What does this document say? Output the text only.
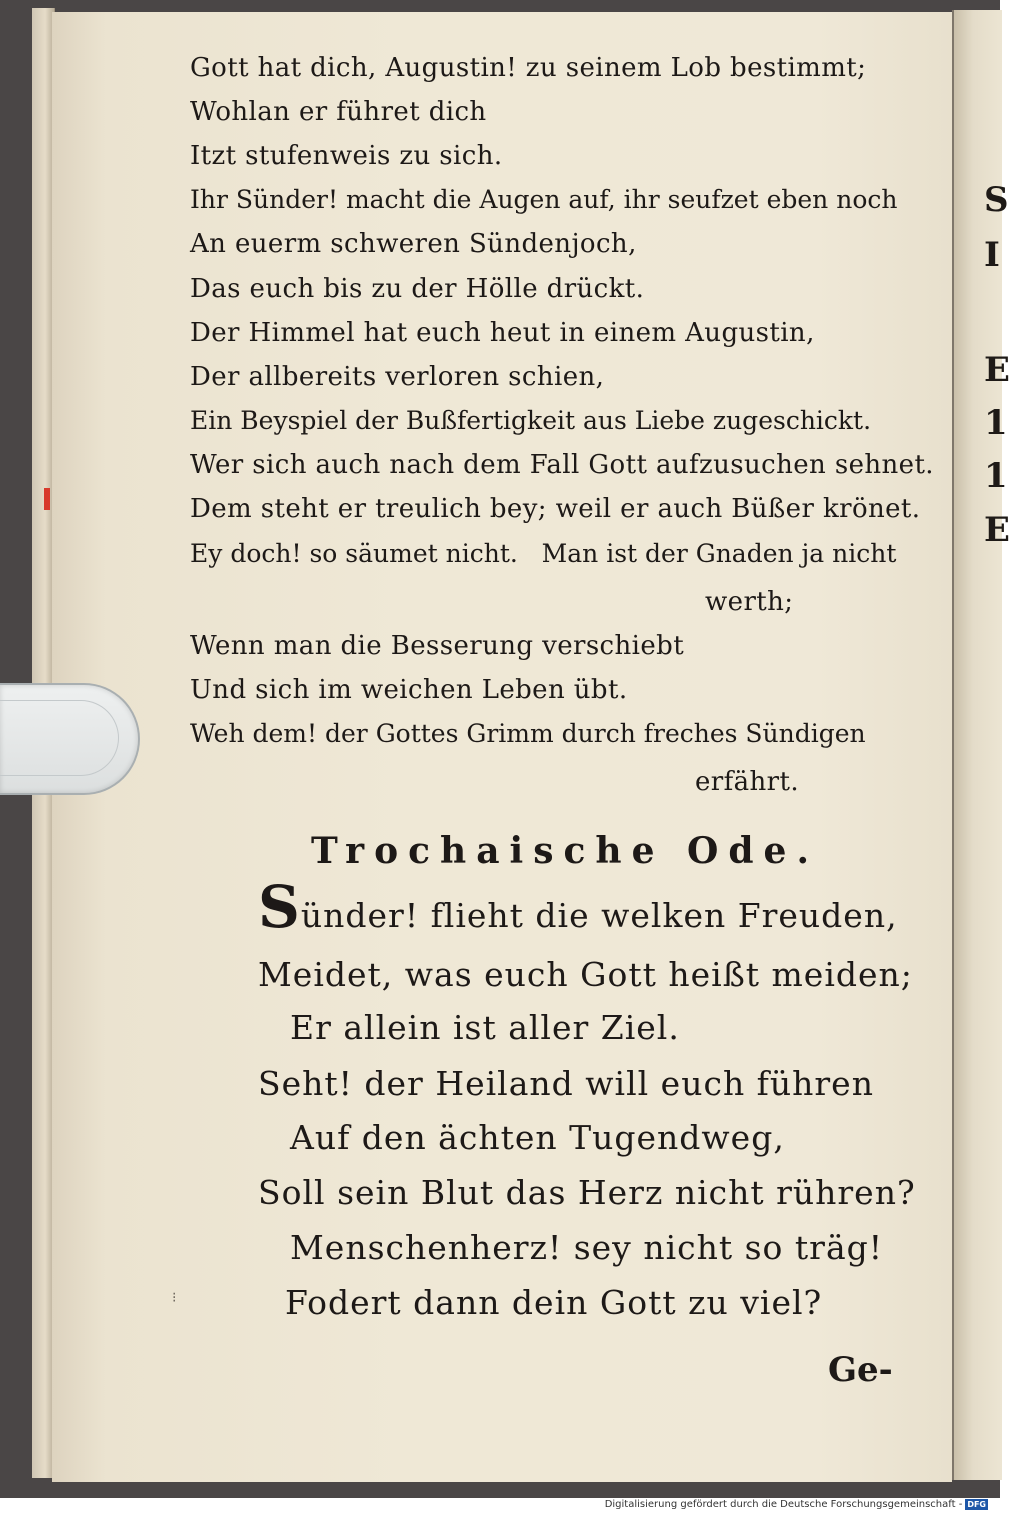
S
I
E
1
1
E
Gott hat dich, Augustin! zu seinem Lob bestimmt;
Wohlan er führet dich
Itzt stufenweis zu sich.
Ihr Sünder! macht die Augen auf, ihr seufzet eben noch
An euerm schweren Sündenjoch,
Das euch bis zu der Hölle drückt.
Der Himmel hat euch heut in einem Augustin,
Der allbereits verloren schien,
Ein Beyspiel der Bußfertigkeit aus Liebe zugeschickt.
Wer sich auch nach dem Fall Gott aufzusuchen sehnet.
Dem steht er treulich bey; weil er auch Büßer krönet.
Ey doch! so säumet nicht.   Man ist der Gnaden ja nicht
werth;
Wenn man die Besserung verschiebt
Und sich im weichen Leben übt.
Weh dem! der Gottes Grimm durch freches Sündigen
erfährt.
Trochaische Ode.
Sünder! flieht die welken Freuden,
Meidet, was euch Gott heißt meiden;
Er allein ist aller Ziel.
Seht! der Heiland will euch führen
Auf den ächten Tugendweg,
Soll sein Blut das Herz nicht rühren?
Menschenherz! sey nicht so träg!
Fodert dann dein Gott zu viel?
⁝
Ge-
Digitalisierung gefördert durch die Deutsche Forschungsgemeinschaft - DFG
